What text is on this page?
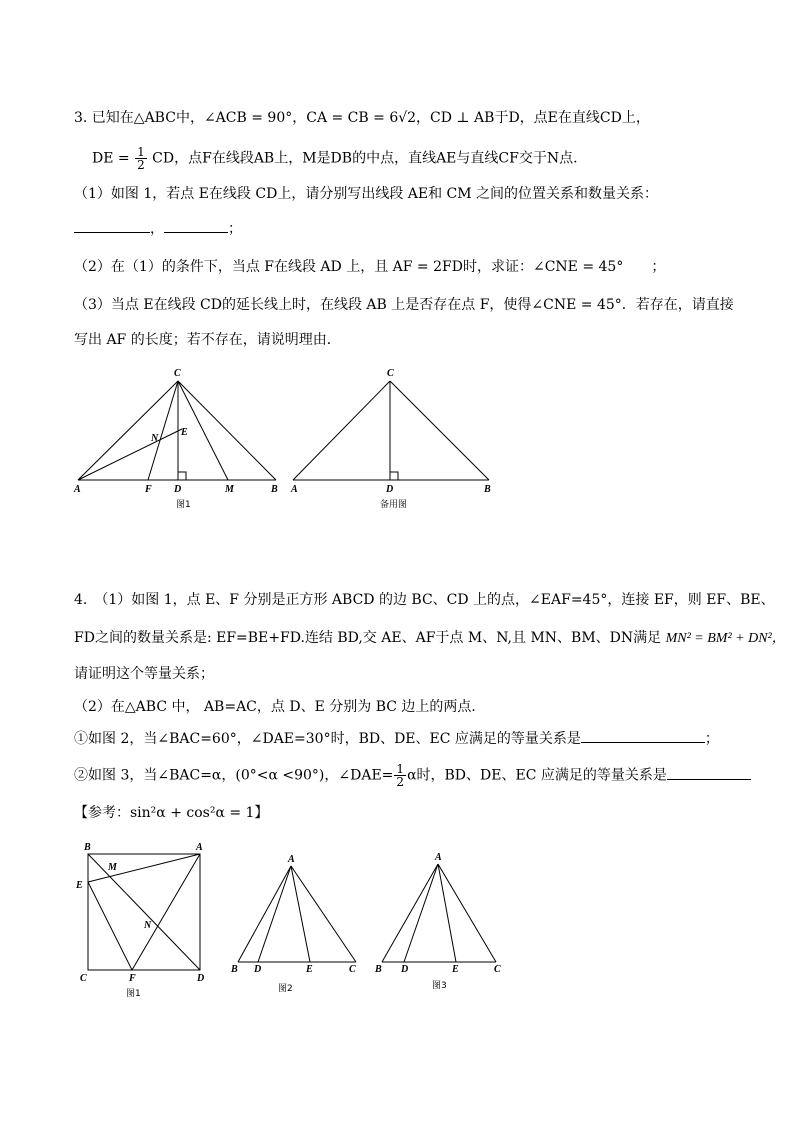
3. 已知在△ABC中，∠ACB = 90°，CA = CB = 6√2，CD ⊥ AB于D，点E在直线CD上，
DE = $\frac{1}{2}$ CD，点F在线段AB上，M是DB的中点，直线AE与直线CF交于N点.
（1）如图 1，若点 E在线段 CD上，请分别写出线段 AE和 CM 之间的位置关系和数量关系：
，	；
（2）在（1）的条件下，当点 F在线段 AD 上，且 AF = 2FD时，求证：∠CNE = 45°　　；
（3）当点 E在线段 CD的延长线上时，在线段 AB 上是否存在点 F，使得∠CNE = 45°．若存在，请直接
写出 AF 的长度；若不存在，请说明理由．
C
E
N
A	F D	M	B
图1
C
A	D	B
备用图
4.　（1）如图 1，点 E、F 分别是正方形 ABCD 的边 BC、CD 上的点，∠EAF=45°，连接 EF，则 EF、BE、
FD之间的数量关系是: EF=BE+FD.连结 BD,交 AE、AF于点 M、N,且 MN、BM、DN满足 MN² = BM² + DN²，
请证明这个等量关系；
（2）在△ABC 中， AB=AC，点 D、E 分别为 BC 边上的两点．
①如图 2，当∠BAC=60°，∠DAE=30°时，BD、DE、EC 应满足的等量关系是	；
②如图 3，当∠BAC=α，(0°<α <90°)，∠DAE= $\frac{1}{2}$ α时，BD、DE、EC 应满足的等量关系是
【参考：sin²α + cos²α = 1】
B	A
M
E
N
C	F	D
图1
A
B D	E	C
图2
A
B D	E	C
图3
